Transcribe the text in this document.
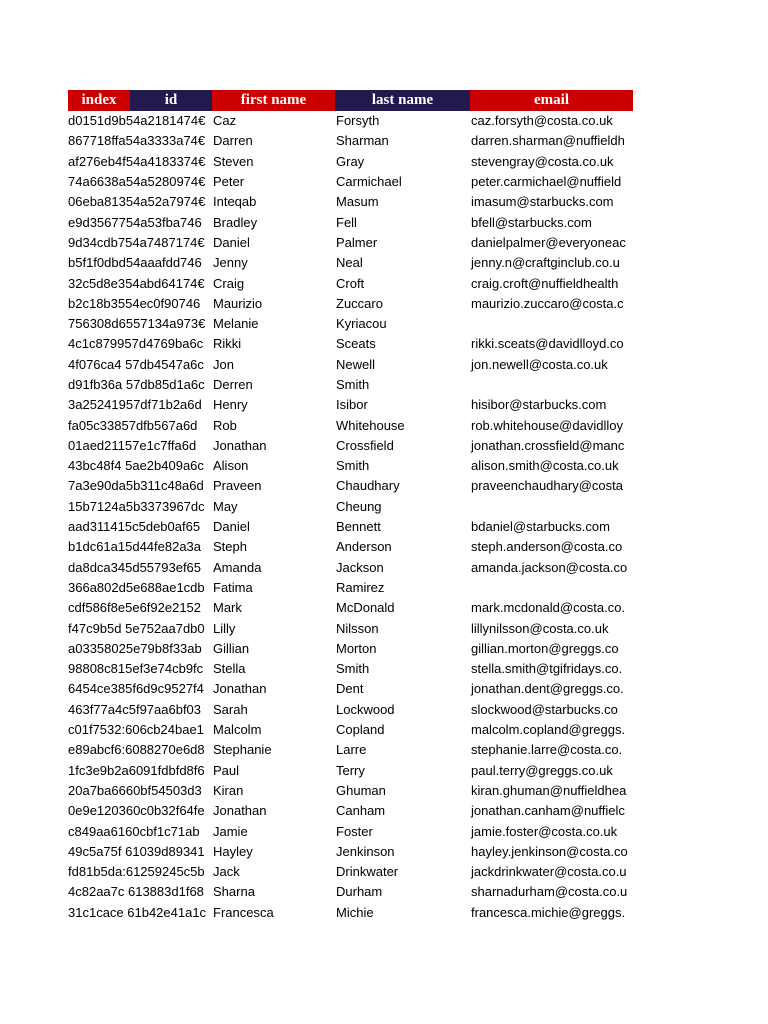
index	id	first name	last name	email
d0151d9b54a2181474€		Caz	Forsyth	caz.forsyth@costa.co.uk
867718ffa54a3333a74€		Darren	Sharman	darren.sharman@nuffieldh
af276eb4f54a4183374€		Steven	Gray	stevengray@costa.co.uk
74a6638a54a5280974€		Peter	Carmichael	peter.carmichael@nuffield
06eba81354a52a7974€		Inteqab	Masum	imasum@starbucks.com
e9d3567754a53fba746		Bradley	Fell	bfell@starbucks.com
9d34cdb754a7487174€		Daniel	Palmer	danielpalmer@everyoneac
b5f1f0dbd54aaafdd746		Jenny	Neal	jenny.n@craftginclub.co.u
32c5d8e354abd64174€		Craig	Croft	craig.croft@nuffieldhealth
b2c18b3554ec0f90746		Maurizio	Zuccaro	maurizio.zuccaro@costa.c
756308d6557134a973€		Melanie	Kyriacou	
4c1c879957d4769ba6c		Rikki	Sceats	rikki.sceats@davidlloyd.co
4f076ca4 57db4547a6c		Jon	Newell	jon.newell@costa.co.uk
d91fb36a 57db85d1a6c		Derren	Smith	
3a25241957df71b2a6d		Henry	Isibor	hisibor@starbucks.com
fa05c33857dfb567a6d		Rob	Whitehouse	rob.whitehouse@davidlloy
01aed21157e1c7ffa6d		Jonathan	Crossfield	jonathan.crossfield@manc
43bc48f4 5ae2b409a6c		Alison	Smith	alison.smith@costa.co.uk
7a3e90da5b311c48a6d		Praveen	Chaudhary	praveenchaudhary@costa
15b7124a5b3373967dc		May	Cheung	
aad311415c5deb0af65		Daniel	Bennett	bdaniel@starbucks.com
b1dc61a15d44fe82a3a		Steph	Anderson	steph.anderson@costa.co
da8dca345d55793ef65		Amanda	Jackson	amanda.jackson@costa.co
366a802d5e688ae1cdb		Fatima	Ramirez	
cdf586f8e5e6f92e2152		Mark	McDonald	mark.mcdonald@costa.co.
f47c9b5d 5e752aa7db0		Lilly	Nilsson	lillynilsson@costa.co.uk
a03358025e79b8f33ab		Gillian	Morton	gillian.morton@greggs.co
98808c815ef3e74cb9fc		Stella	Smith	stella.smith@tgifridays.co.
6454ce385f6d9c9527f4		Jonathan	Dent	jonathan.dent@greggs.co.
463f77a4c5f97aa6bf03		Sarah	Lockwood	slockwood@starbucks.co
c01f7532:606cb24bae1		Malcolm	Copland	malcolm.copland@greggs.
e89abcf6:6088270e6d8		Stephanie	Larre	stephanie.larre@costa.co.
1fc3e9b2a6091fdbfd8f6		Paul	Terry	paul.terry@greggs.co.uk
20a7ba6660bf54503d3		Kiran	Ghuman	kiran.ghuman@nuffieldhea
0e9e120360c0b32f64fe		Jonathan	Canham	jonathan.canham@nuffielc
c849aa6160cbf1c71ab		Jamie	Foster	jamie.foster@costa.co.uk
49c5a75f 61039d89341		Hayley	Jenkinson	hayley.jenkinson@costa.co
fd81b5da:61259245c5b		Jack	Drinkwater	jackdrinkwater@costa.co.u
4c82aa7c 613883d1f68		Sharna	Durham	sharnadurham@costa.co.u
31c1cace 61b42e41a1c		Francesca	Michie	francesca.michie@greggs.
